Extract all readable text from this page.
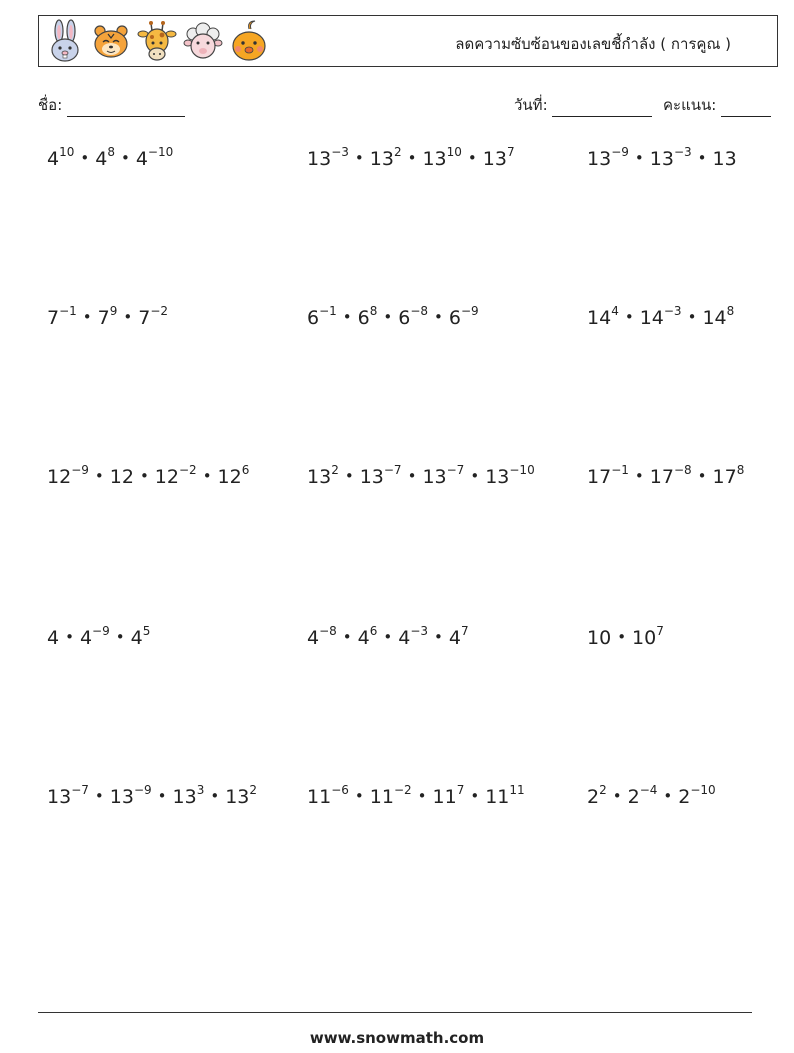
ลดความซับซ้อนของเลขชี้กำลัง ( การคูณ )
ชื่อ:	วันที่:	คะแนน:
$4^{10}$ • $4^8$ • $4^{-10}$	$13^{-3}$ • $13^2$ • $13^{10}$ • $13^7$	$13^{-9}$ • $13^{-3}$ • 13
$7^{-1}$ • $7^9$ • $7^{-2}$	$6^{-1}$ • $6^8$ • $6^{-8}$ • $6^{-9}$	$14^4$ • $14^{-3}$ • $14^8$
$12^{-9}$ • 12 • $12^{-2}$ • $12^6$	$13^2$ • $13^{-7}$ • $13^{-7}$ • $13^{-10}$	$17^{-1}$ • $17^{-8}$ • $17^8$
4 • $4^{-9}$ • $4^5$	$4^{-8}$ • $4^6$ • $4^{-3}$ • $4^7$	10 • $10^7$
$13^{-7}$ • $13^{-9}$ • $13^3$ • $13^2$	$11^{-6}$ • $11^{-2}$ • $11^7$ • $11^{11}$	$2^2$ • $2^{-4}$ • $2^{-10}$
www.snowmath.com
